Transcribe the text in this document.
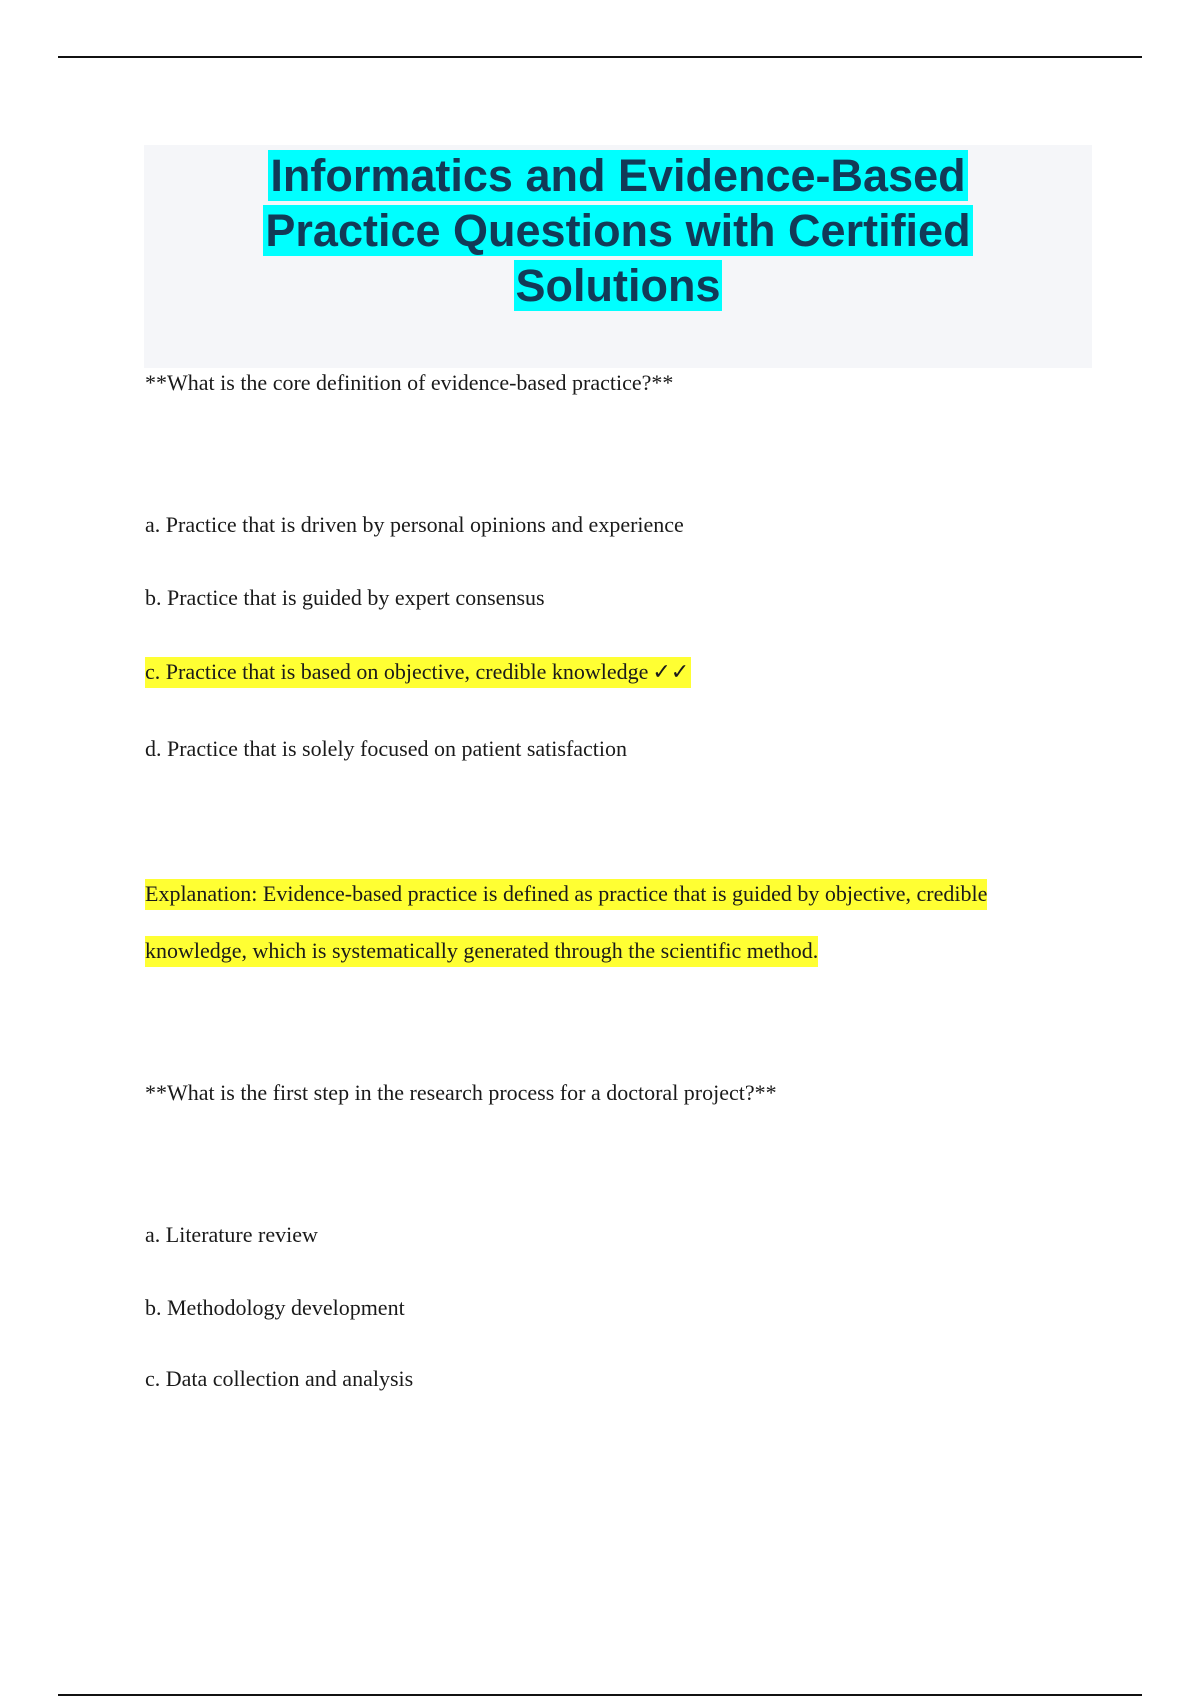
Informatics and Evidence-Based Practice Questions with Certified Solutions
**What is the core definition of evidence-based practice?**
a. Practice that is driven by personal opinions and experience
b. Practice that is guided by expert consensus
c. Practice that is based on objective, credible knowledge ✓✓
d. Practice that is solely focused on patient satisfaction
Explanation: Evidence-based practice is defined as practice that is guided by objective, credible knowledge, which is systematically generated through the scientific method.
**What is the first step in the research process for a doctoral project?**
a. Literature review
b. Methodology development
c. Data collection and analysis
